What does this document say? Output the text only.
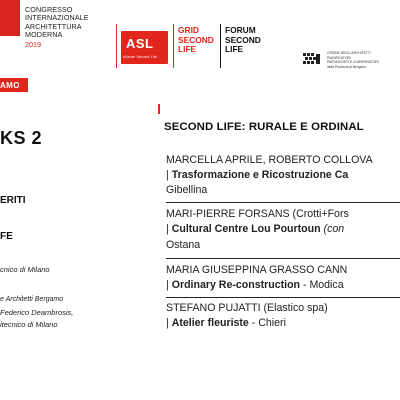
CONGRESSO
INTERNAZIONALE
ARCHITETTURA
MODERNA
2019	ASL
Atlante Second Life
GRID
SECOND
LIFE
FORUM
SECOND
LIFE	ORDINE DEGLI ARCHITETTI
PIANIFICATORI
PAESAGGISTI E CONSERVATORI
della Provincia di Bergamo
AMO
KS 2
ERITI
FE
cnico di Milano
e Architetti Bergamo
Federico Deambrosis,
itecnico di Milano
SECOND LIFE: RURALE E ORDINAL
MARCELLA APRILE, ROBERTO COLLOVA
| Trasformazione e Ricostruzione Ca
Gibellina
MARI-PIERRE FORSANS (Crotti+Fors
| Cultural Centre Lou Pourtoun (con
Ostana
MARIA GIUSEPPINA GRASSO CANN
| Ordinary Re-construction - Modica
STEFANO PUJATTI (Elastico spa)
| Atelier fleuriste - Chieri
